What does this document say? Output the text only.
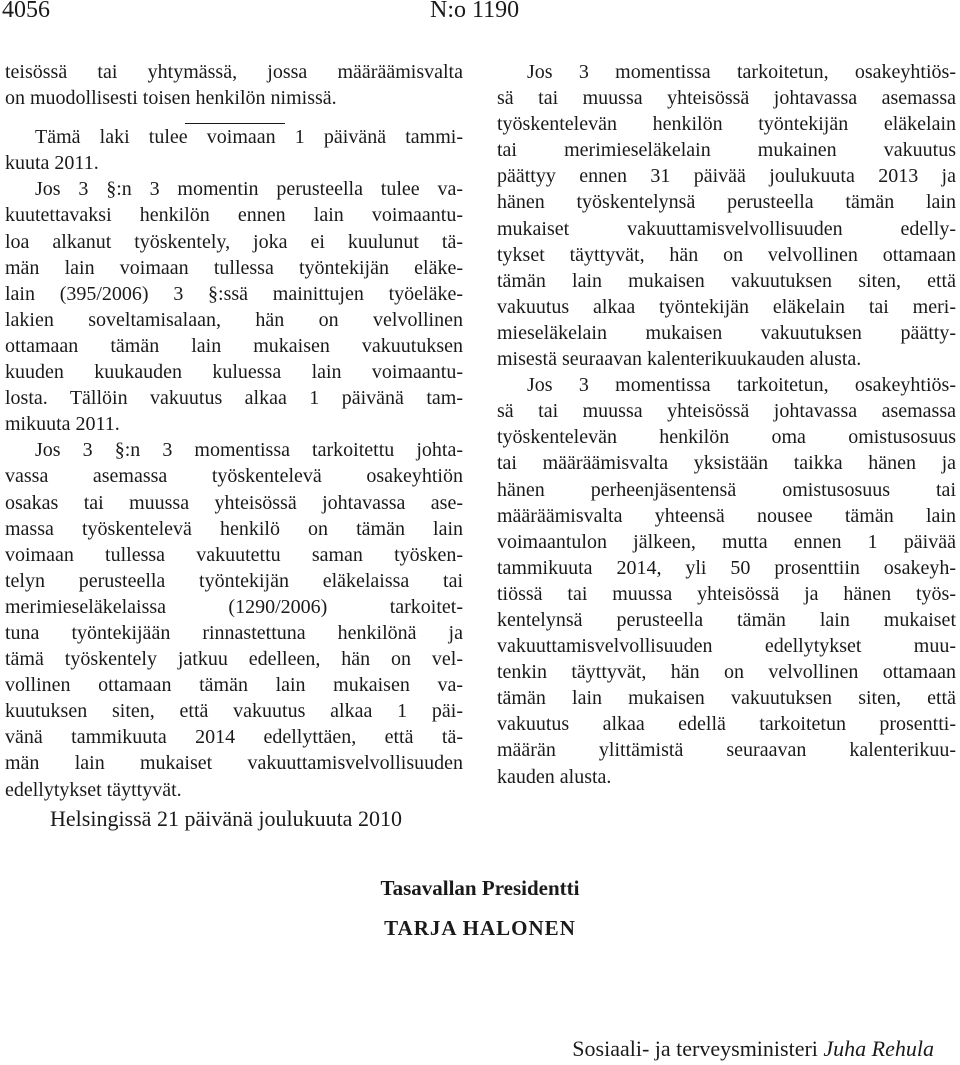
4056	N:o 1190
teisössä tai yhtymässä, jossa määräämisvalta
on muodollisesti toisen henkilön nimissä.
Tämä laki tulee voimaan 1 päivänä tammi-
kuuta 2011.
Jos 3 §:n 3 momentin perusteella tulee va-
kuutettavaksi henkilön ennen lain voimaantu-
loa alkanut työskentely, joka ei kuulunut tä-
män lain voimaan tullessa työntekijän eläke-
lain (395/2006) 3 §:ssä mainittujen työeläke-
lakien soveltamisalaan, hän on velvollinen
ottamaan tämän lain mukaisen vakuutuksen
kuuden kuukauden kuluessa lain voimaantu-
losta. Tällöin vakuutus alkaa 1 päivänä tam-
mikuuta 2011.
Jos 3 §:n 3 momentissa tarkoitettu johta-
vassa asemassa työskentelevä osakeyhtiön
osakas tai muussa yhteisössä johtavassa ase-
massa työskentelevä henkilö on tämän lain
voimaan tullessa vakuutettu saman työsken-
telyn perusteella työntekijän eläkelaissa tai
merimieseläkelaissa (1290/2006) tarkoitet-
tuna työntekijään rinnastettuna henkilönä ja
tämä työskentely jatkuu edelleen, hän on vel-
vollinen ottamaan tämän lain mukaisen va-
kuutuksen siten, että vakuutus alkaa 1 päi-
vänä tammikuuta 2014 edellyttäen, että tä-
män lain mukaiset vakuuttamisvelvollisuuden
edellytykset täyttyvät.
Jos 3 momentissa tarkoitetun, osakeyhtiös-
sä tai muussa yhteisössä johtavassa asemassa
työskentelevän henkilön työntekijän eläkelain
tai merimieseläkelain mukainen vakuutus
päättyy ennen 31 päivää joulukuuta 2013 ja
hänen työskentelynsä perusteella tämän lain
mukaiset vakuuttamisvelvollisuuden edelly-
tykset täyttyvät, hän on velvollinen ottamaan
tämän lain mukaisen vakuutuksen siten, että
vakuutus alkaa työntekijän eläkelain tai meri-
mieseläkelain mukaisen vakuutuksen päätty-
misestä seuraavan kalenterikuukauden alusta.
Jos 3 momentissa tarkoitetun, osakeyhtiös-
sä tai muussa yhteisössä johtavassa asemassa
työskentelevän henkilön oma omistusosuus
tai määräämisvalta yksistään taikka hänen ja
hänen perheenjäsentensä omistusosuus tai
määräämisvalta yhteensä nousee tämän lain
voimaantulon jälkeen, mutta ennen 1 päivää
tammikuuta 2014, yli 50 prosenttiin osakeyh-
tiössä tai muussa yhteisössä ja hänen työs-
kentelynsä perusteella tämän lain mukaiset
vakuuttamisvelvollisuuden edellytykset muu-
tenkin täyttyvät, hän on velvollinen ottamaan
tämän lain mukaisen vakuutuksen siten, että
vakuutus alkaa edellä tarkoitetun prosentti-
määrän ylittämistä seuraavan kalenterikuu-
kauden alusta.
Helsingissä 21 päivänä joulukuuta 2010
Tasavallan Presidentti
TARJA HALONEN
Sosiaali- ja terveysministeri Juha Rehula
